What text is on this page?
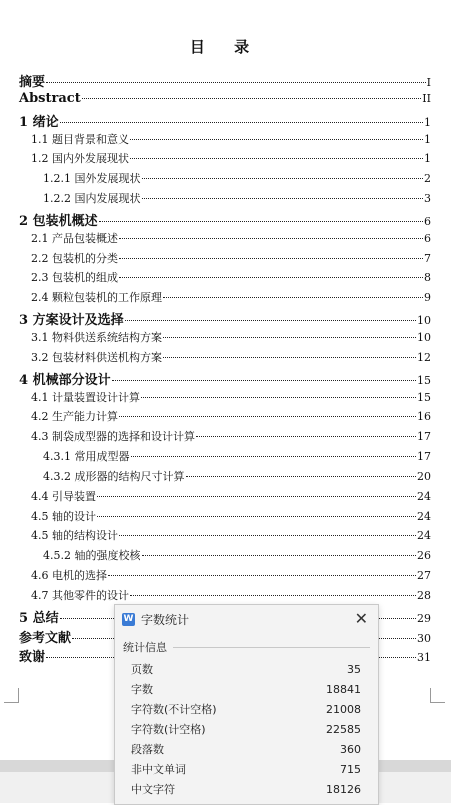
目 录
摘要	I
Abstract	II
1 绪论	1
1.1 题目背景和意义	1
1.2 国内外发展现状	1
1.2.1 国外发展现状	2
1.2.2 国内发展现状	3
2 包装机概述	6
2.1 产品包装概述	6
2.2 包装机的分类	7
2.3 包装机的组成	8
2.4 颗粒包装机的工作原理	9
3 方案设计及选择	10
3.1 物料供送系统结构方案	10
3.2 包装材料供送机构方案	12
4 机械部分设计	15
4.1 计量装置设计计算	15
4.2 生产能力计算	16
4.3 制袋成型器的选择和设计计算	17
4.3.1 常用成型器	17
4.3.2 成形器的结构尺寸计算	20
4.4 引导装置	24
4.5 轴的设计	24
4.5 轴的结构设计	24
4.5.2 轴的强度校核	26
4.6 电机的选择	27
4.7 其他零件的设计	28
5 总结	29
参考文献	30
致谢	31
W 字数统计	✕
统计信息
页数	35
字数	18841
字符数(不计空格)	21008
字符数(计空格)	22585
段落数	360
非中文单词	715
中文字符	18126
